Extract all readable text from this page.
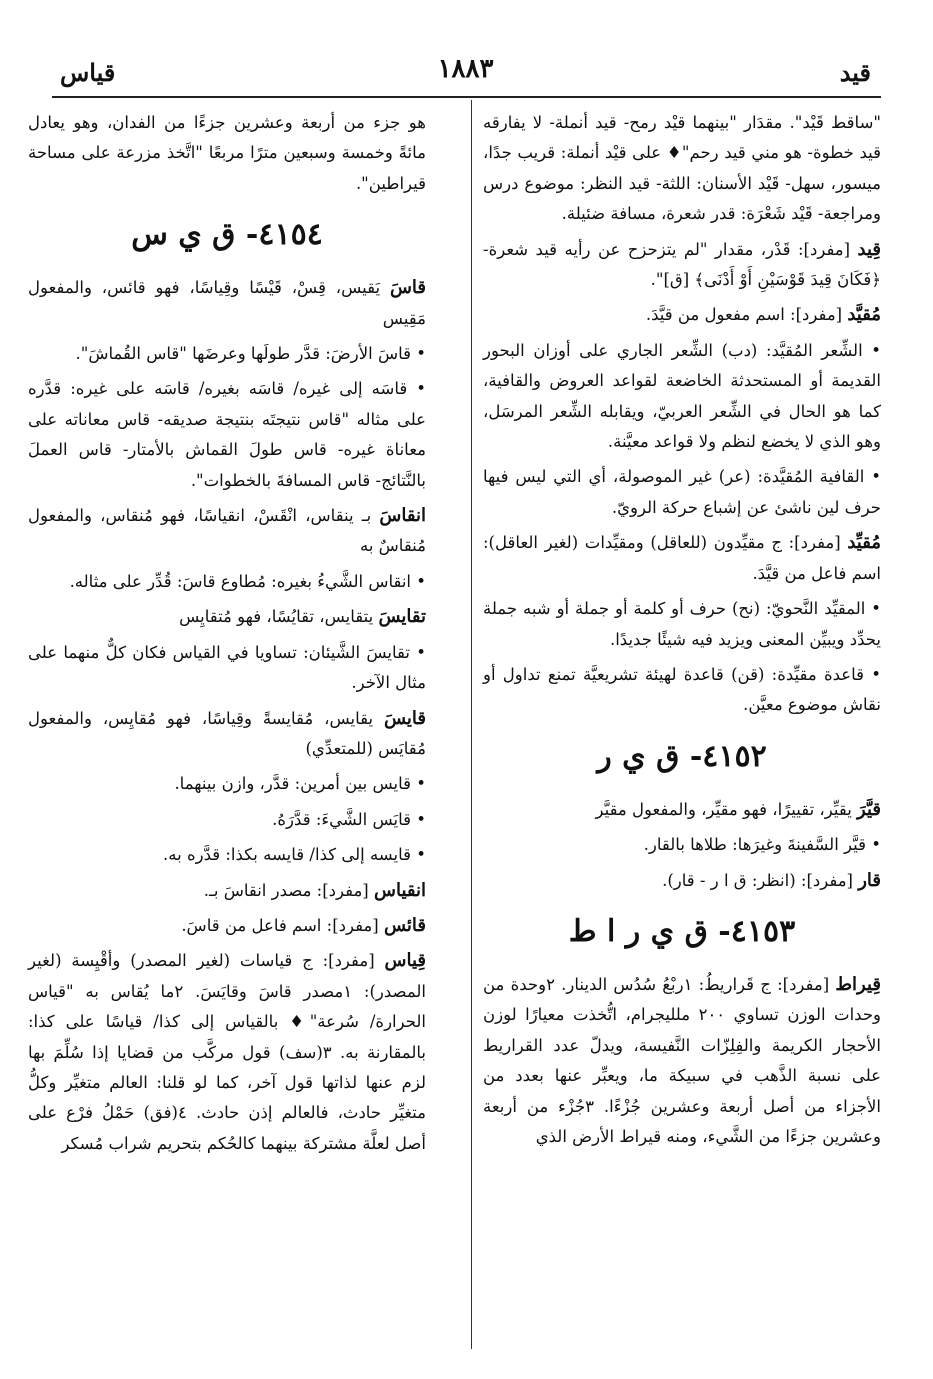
قيد
١٨٨٣
قياس

"ساقط قَيْد". مقدَار "بينهما قيْد رمح- قيد أنملة- لا يفارقه قيد خطوة- هو مني قيد رحم"♦ على قيْد أنملة: قريب جدًا، ميسور، سهل- قَيْد الأسنان: اللثة- قيد النظر: موضوع درس ومراجعة- قَيْد شَعْرَة: قدر شعرة، مسافة ضئيلة.

قِيد [مفرد]: قَدْر، مقدار "لم يتزحزح عن رأيه قيد شعرة- ﴿فَكَانَ قِيدَ قَوْسَيْنِ أَوْ أَدْنَى﴾ [ق]".

مُقيَّد [مفرد]: اسم مفعول من قيَّدَ.

• الشِّعر المُقيَّد: (دب) الشِّعر الجاري على أوزان البحور القديمة أو المستحدثة الخاضعة لقواعد العروض والقافية، كما هو الحال في الشِّعر العربيّ، ويقابله الشِّعر المرسَل، وهو الذي لا يخضع لنظم ولا قواعد معيَّنة.

• القافية المُقيَّدة: (عر) غير الموصولة، أي التي ليس فيها حرف لين ناشئ عن إشباع حركة الرويّ.

مُقيِّد [مفرد]: ج مقيِّدون (للعاقل) ومقيِّدات (لغير العاقل): اسم فاعل من قيَّدَ.

• المقيِّد النَّحويّ: (نح) حرف أو كلمة أو جملة أو شبه جملة يحدِّد ويبيِّن المعنى ويزيد فيه شيئًا جديدًا.

• قاعدة مقيِّدة: (قن) قاعدة لهيئة تشريعيَّة تمنع تداول أو نقاش موضوع معيَّن.

٤١٥٢- ق ي ر

قيَّرَ يقيِّر، تقييرًا، فهو مقيِّر، والمفعول مقيَّر

• قيَّر السَّفينةَ وغيرَها: طلاها بالقار.

قار [مفرد]: (انظر: ق ا ر - قار).

٤١٥٣- ق ي ر ا ط

قِيراط [مفرد]: ج قَراريطُ: ١ربْعُ سُدُس الدينار. ٢وحدة من وحدات الوزن تساوي ٢٠٠ ملليجرام، اتُّخذت معيارًا لوزن الأحجار الكريمة والفِلِزّات النَّفيسة، ويدلّ عدد القراريط على نسبة الذَّهب في سبيكة ما، ويعبِّر عنها بعدد من الأجزاء من أصل أربعة وعشرين جُزْءًا. ٣جُزْء من أربعة وعشرين جزءًا من الشَّيء، ومنه قيراط الأرض الذي

هو جزء من أربعة وعشرين جزءًا من الفدان، وهو يعادل مائةً وخمسة وسبعين مترًا مربعًا "اتَّخذ مزرعة على مساحة قيراطين".

٤١٥٤- ق ي س

قاسَ يَقيس، قِسْ، قَيْسًا وقِياسًا، فهو قائس، والمفعول مَقِيس

• قاسَ الأرضَ: قدَّر طولَها وعرضَها "قاس القُماشَ".

• قاسَه إلى غيره/ قاسَه بغيره/ قاسَه على غيره: قدَّره على مثاله "قاس نتيجتَه بنتيجة صديقه- قاس معاناته على معاناة غيره- قاس طولَ القماش بالأمتار- قاس العملَ بالنَّتائج- قاس المسافةَ بالخطوات".

انقاسَ بـ ينقاس، انْقَسْ، انقياسًا، فهو مُنقاس، والمفعول مُنقاسٌ به

• انقاس الشَّيءُ بغيره: مُطاوع قاسَ: قُدِّر على مثاله.

تقايسَ يتقايس، تقايُسًا، فهو مُتقايِس

• تقايسَ الشَّيئان: تساويا في القياس فكان كلٌّ منهما على مثال الآخر.

قايسَ يقايس، مُقايسةً وقِياسًا، فهو مُقايِس، والمفعول مُقايَس (للمتعدِّي)

• قايس بين أمرين: قدَّر، وازن بينهما.

• قايَس الشَّيءَ: قدَّرَهُ.

• قايسه إلى كذا/ قايسه بكذا: قدَّره به.

انقياس [مفرد]: مصدر انقاسَ بـ.

قائس [مفرد]: اسم فاعل من قاسَ.

قِياس [مفرد]: ج قياسات (لغير المصدر) وأقْيِسة (لغير المصدر): ١مصدر قاسَ وقايَسَ. ٢ما يُقاس به "قياس الحرارة/ سُرعة"♦ بالقياس إلى كذا/ قياسًا على كذا: بالمقارنة به. ٣(سف) قول مركَّب من قضايا إذا سُلِّمَ بها لزم عنها لذاتها قول آخر، كما لو قلنا: العالم متغيِّر وكلُّ متغيِّر حادث، فالعالم إذن حادث. ٤(فق) حَمْلُ فرْع على أصل لعلَّة مشتركة بينهما كالحُكم بتحريم شراب مُسكر
